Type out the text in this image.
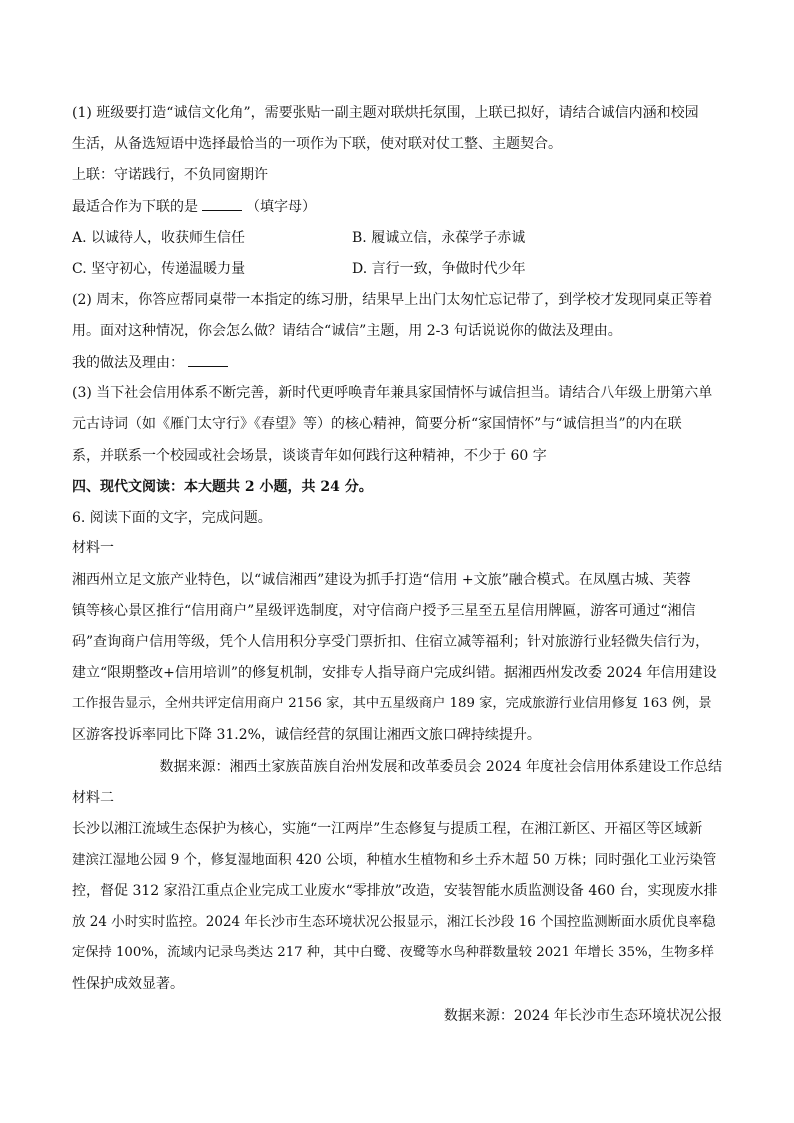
(1) 班级要打造“诚信文化角”，需要张贴一副主题对联烘托氛围，上联已拟好，请结合诚信内涵和校园
生活，从备选短语中选择最恰当的一项作为下联，使对联对仗工整、主题契合。
上联：守诺践行，不负同窗期许
最适合作为下联的是	（填字母）
A. 以诚待人，收获师生信任	B. 履诚立信，永葆学子赤诚
C. 坚守初心，传递温暖力量	D. 言行一致，争做时代少年
(2) 周末，你答应帮同桌带一本指定的练习册，结果早上出门太匆忙忘记带了，到学校才发现同桌正等着
用。面对这种情况，你会怎么做？请结合“诚信”主题，用 2-3 句话说说你的做法及理由。
我的做法及理由：
(3) 当下社会信用体系不断完善，新时代更呼唤青年兼具家国情怀与诚信担当。请结合八年级上册第六单
元古诗词（如《雁门太守行》《春望》等）的核心精神，简要分析“家国情怀”与“诚信担当”的内在联
系，并联系一个校园或社会场景，谈谈青年如何践行这种精神，不少于 60 字
四、现代文阅读：本大题共 2 小题，共 24 分。
6. 阅读下面的文字，完成问题。
材料一
湘西州立足文旅产业特色，以“诚信湘西”建设为抓手打造“信用 +文旅”融合模式。在凤凰古城、芙蓉
镇等核心景区推行“信用商户”星级评选制度，对守信商户授予三星至五星信用牌匾，游客可通过“湘信
码”查询商户信用等级，凭个人信用积分享受门票折扣、住宿立减等福利；针对旅游行业轻微失信行为，
建立“限期整改+信用培训”的修复机制，安排专人指导商户完成纠错。据湘西州发改委 2024 年信用建设
工作报告显示，全州共评定信用商户 2156 家，其中五星级商户 189 家，完成旅游行业信用修复 163 例，景
区游客投诉率同比下降 31.2%，诚信经营的氛围让湘西文旅口碑持续提升。
数据来源：湘西土家族苗族自治州发展和改革委员会 2024 年度社会信用体系建设工作总结
材料二
长沙以湘江流域生态保护为核心，实施“一江两岸”生态修复与提质工程，在湘江新区、开福区等区域新
建滨江湿地公园 9 个，修复湿地面积 420 公顷，种植水生植物和乡土乔木超 50 万株；同时强化工业污染管
控，督促 312 家沿江重点企业完成工业废水“零排放”改造，安装智能水质监测设备 460 台，实现废水排
放 24 小时实时监控。2024 年长沙市生态环境状况公报显示，湘江长沙段 16 个国控监测断面水质优良率稳
定保持 100%，流域内记录鸟类达 217 种，其中白鹭、夜鹭等水鸟种群数量较 2021 年增长 35%，生物多样
性保护成效显著。
数据来源：2024 年长沙市生态环境状况公报
